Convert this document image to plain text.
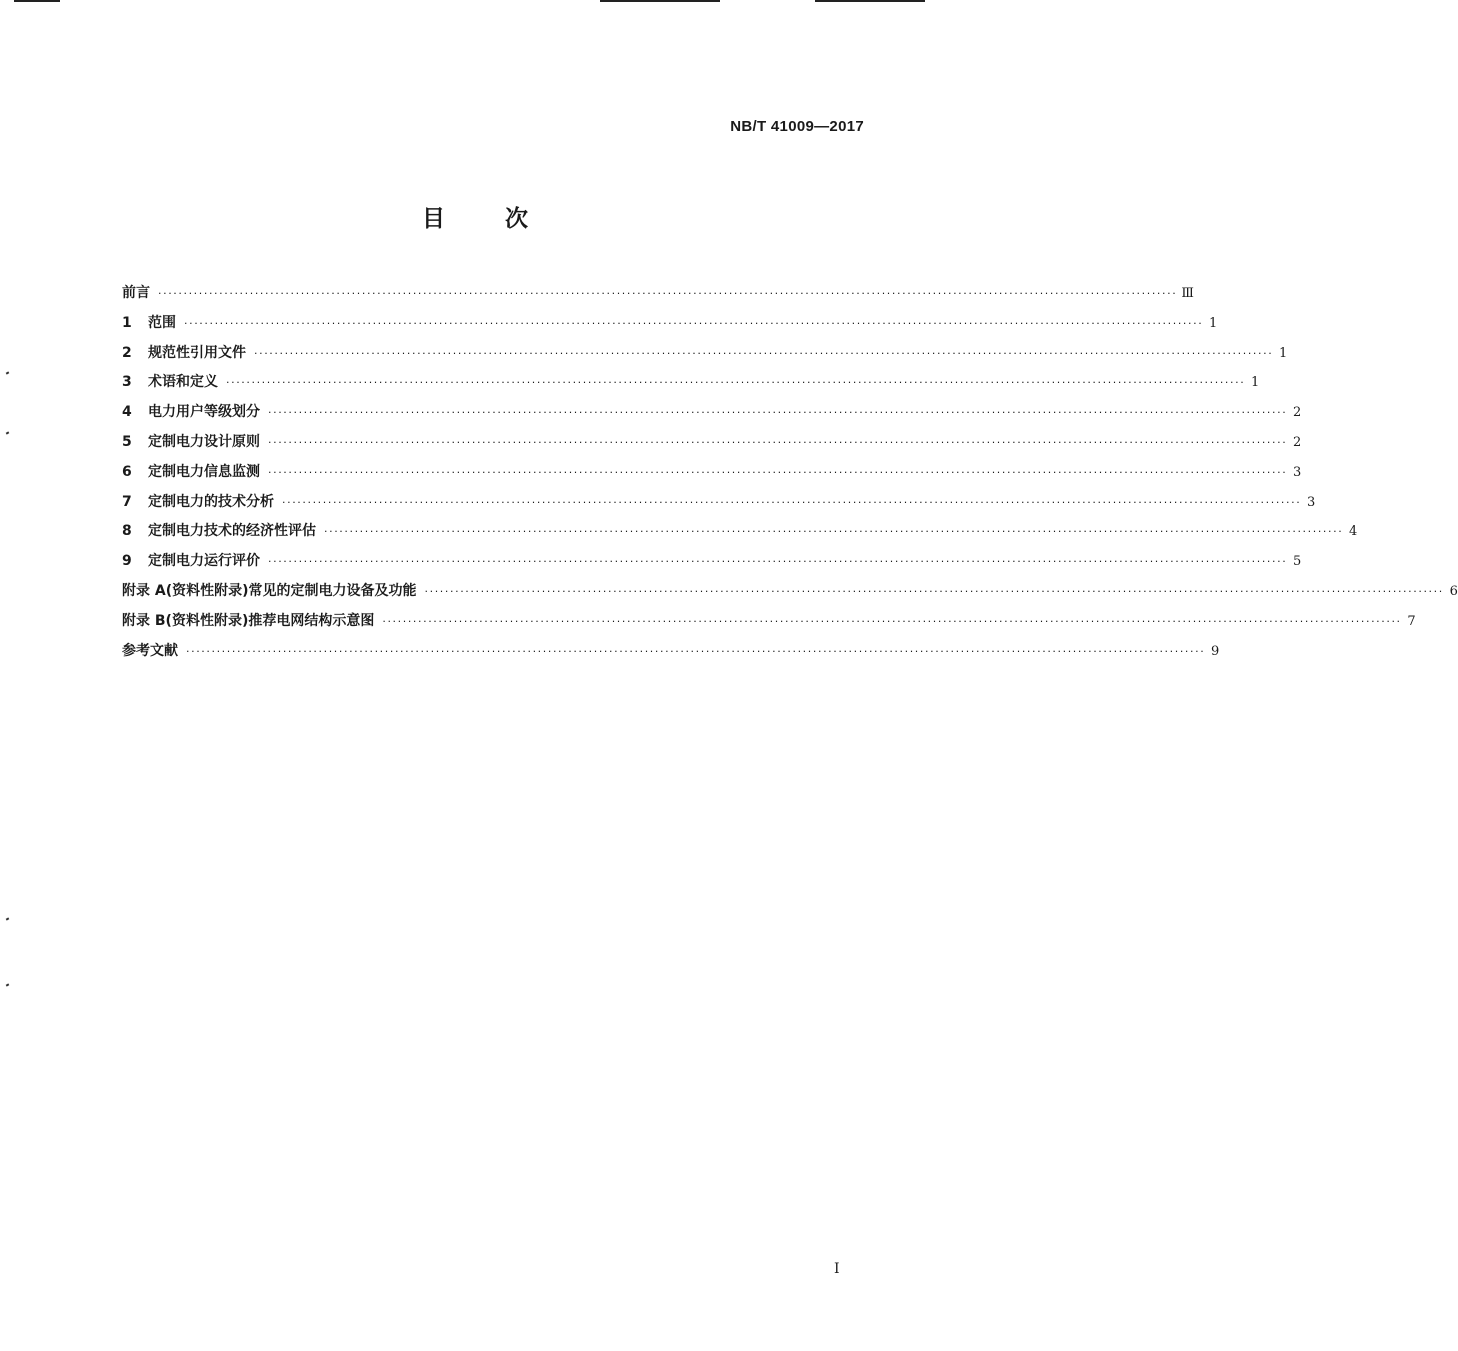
NB/T 41009—2017
目	次
前言 ········································································································································································································ Ⅲ
1	范围 ········································································································································································································ 1
2	规范性引用文件 ········································································································································································································ 1
3	术语和定义 ········································································································································································································ 1
4	电力用户等级划分 ········································································································································································································ 2
5	定制电力设计原则 ········································································································································································································ 2
6	定制电力信息监测 ········································································································································································································ 3
7	定制电力的技术分析 ········································································································································································································ 3
8	定制电力技术的经济性评估 ········································································································································································································ 4
9	定制电力运行评价 ········································································································································································································ 5
附录 A(资料性附录)常见的定制电力设备及功能 ········································································································································································································ 6
附录 B(资料性附录)推荐电网结构示意图 ········································································································································································································ 7
参考文献 ········································································································································································································ 9
I
